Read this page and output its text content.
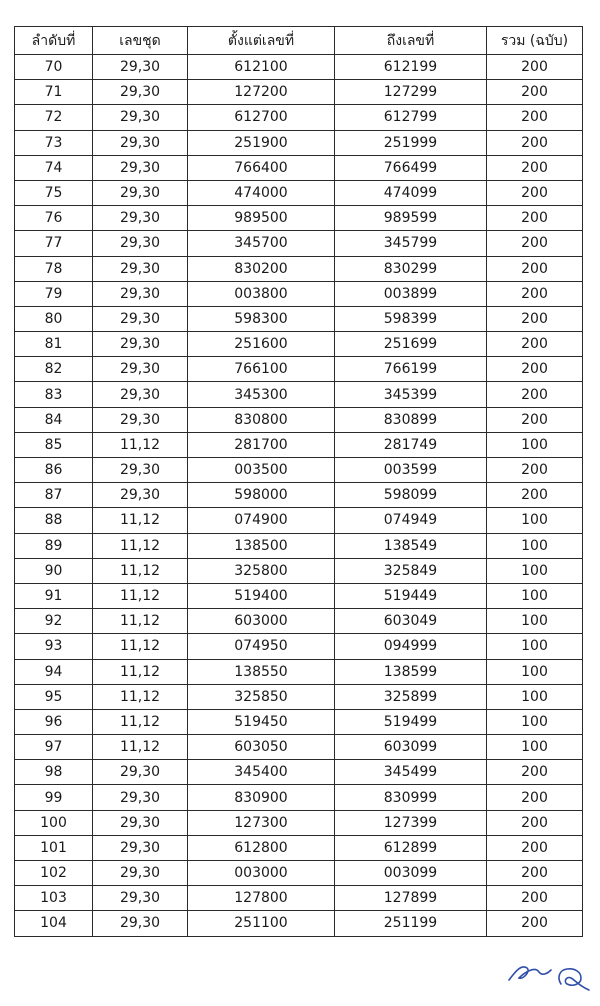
ลำดับที่	เลขชุด	ตั้งแต่เลขที่	ถึงเลขที่	รวม (ฉบับ)
70	29,30	612100	612199	200
71	29,30	127200	127299	200
72	29,30	612700	612799	200
73	29,30	251900	251999	200
74	29,30	766400	766499	200
75	29,30	474000	474099	200
76	29,30	989500	989599	200
77	29,30	345700	345799	200
78	29,30	830200	830299	200
79	29,30	003800	003899	200
80	29,30	598300	598399	200
81	29,30	251600	251699	200
82	29,30	766100	766199	200
83	29,30	345300	345399	200
84	29,30	830800	830899	200
85	11,12	281700	281749	100
86	29,30	003500	003599	200
87	29,30	598000	598099	200
88	11,12	074900	074949	100
89	11,12	138500	138549	100
90	11,12	325800	325849	100
91	11,12	519400	519449	100
92	11,12	603000	603049	100
93	11,12	074950	094999	100
94	11,12	138550	138599	100
95	11,12	325850	325899	100
96	11,12	519450	519499	100
97	11,12	603050	603099	100
98	29,30	345400	345499	200
99	29,30	830900	830999	200
100	29,30	127300	127399	200
101	29,30	612800	612899	200
102	29,30	003000	003099	200
103	29,30	127800	127899	200
104	29,30	251100	251199	200
